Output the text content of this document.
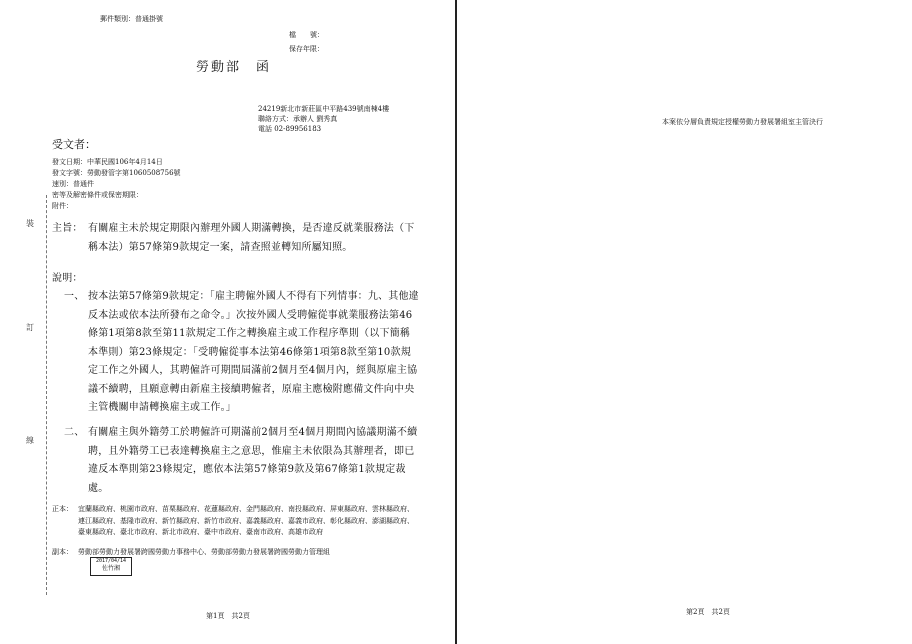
郵件類別：普通掛號
檔　　號：
保存年限：
勞動部　函
24219新北市新莊區中平路439號南棟4樓
聯絡方式：承辦人 劉秀真
電話 02-89956183
受文者：
發文日期：中華民國106年4月14日
發文字號：勞動發管字第1060508756號
速別：普通件
密等及解密條件或保密期限：
附件：
裝
訂
線
主旨： 有關雇主未於規定期限內辦理外國人期滿轉換，是否違反就業服務法（下稱本法）第57條第9款規定一案，請查照並轉知所屬知照。
說明：
一、 按本法第57條第9款規定：「雇主聘僱外國人不得有下列情事：九、其他違反本法或依本法所發布之命令。」次按外國人受聘僱從事就業服務法第46條第1項第8款至第11款規定工作之轉換雇主或工作程序準則（以下簡稱本準則）第23條規定：「受聘僱從事本法第46條第1項第8款至第10款規定工作之外國人，其聘僱許可期間屆滿前2個月至4個月內，經與原雇主協議不續聘，且願意轉由新雇主接續聘僱者，原雇主應檢附應備文件向中央主管機關申請轉換雇主或工作。」
二、 有關雇主與外籍勞工於聘僱許可期滿前2個月至4個月期間內協議期滿不續聘，且外籍勞工已表達轉換雇主之意思，惟雇主未依限為其辦理者，即已違反本準則第23條規定，應依本法第57條第9款及第67條第1款規定裁處。
正本： 宜蘭縣政府、桃園市政府、苗栗縣政府、花蓮縣政府、金門縣政府、南投縣政府、屏東縣政府、雲林縣政府、連江縣政府、基隆市政府、新竹縣政府、新竹市政府、嘉義縣政府、嘉義市政府、彰化縣政府、澎湖縣政府、臺東縣政府、臺北市政府、新北市政府、臺中市政府、臺南市政府、高雄市政府
副本： 勞動部勞動力發展署跨國勞動力事務中心、勞動部勞動力發展署跨國勞動力管理組
2017/04/14
佐竹湘
第1頁　共2頁
本案依分層負責規定授權勞動力發展署組室主管決行
第2頁　共2頁
